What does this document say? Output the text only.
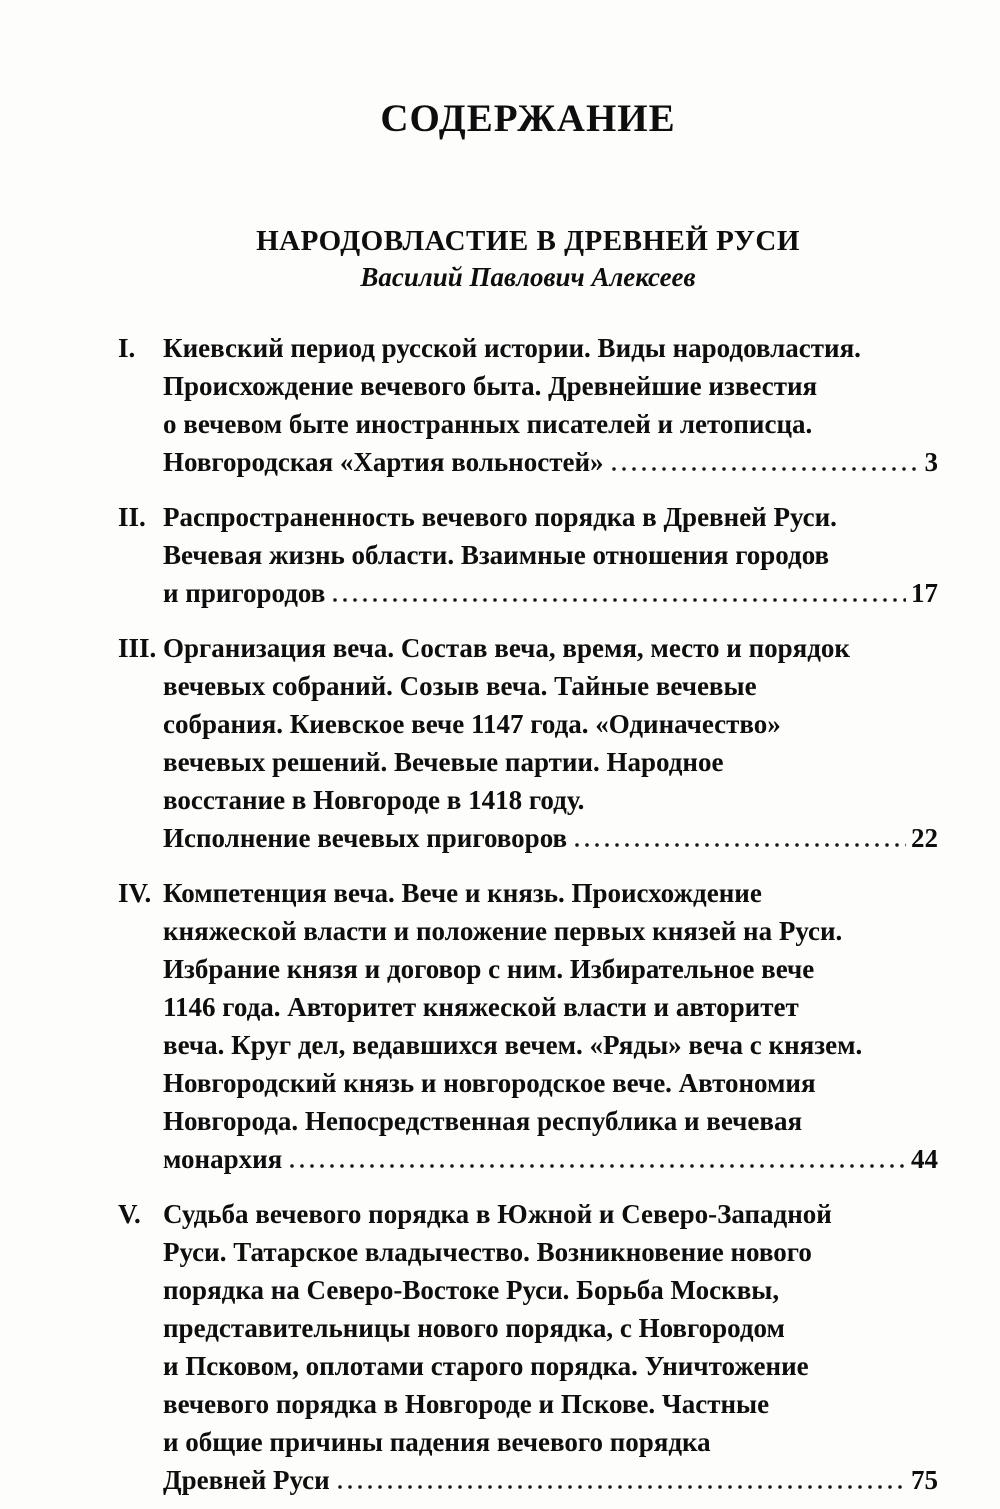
СОДЕРЖАНИЕ
НАРОДОВЛАСТИЕ В ДРЕВНЕЙ РУСИ
Василий Павлович Алексеев
I. Киевский период русской истории. Виды народовластия.
Происхождение вечевого быта. Древнейшие известия
о вечевом быте иностранных писателей и летописца.
Новгородская «Хартия вольностей»	3
II. Распространенность вечевого порядка в Древней Руси.
Вечевая жизнь области. Взаимные отношения городов
и пригородов	17
III. Организация веча. Состав веча, время, место и порядок
вечевых собраний. Созыв веча. Тайные вечевые
собрания. Киевское вече 1147 года. «Одиначество»
вечевых решений. Вечевые партии. Народное
восстание в Новгороде в 1418 году.
Исполнение вечевых приговоров	22
IV. Компетенция веча. Вече и князь. Происхождение
княжеской власти и положение первых князей на Руси.
Избрание князя и договор с ним. Избирательное вече
1146 года. Авторитет княжеской власти и авторитет
веча. Круг дел, ведавшихся вечем. «Ряды» веча с князем.
Новгородский князь и новгородское вече. Автономия
Новгорода. Непосредственная республика и вечевая
монархия	44
V. Судьба вечевого порядка в Южной и Северо-Западной
Руси. Татарское владычество. Возникновение нового
порядка на Северо-Востоке Руси. Борьба Москвы,
представительницы нового порядка, с Новгородом
и Псковом, оплотами старого порядка. Уничтожение
вечевого порядка в Новгороде и Пскове. Частные
и общие причины падения вечевого порядка
Древней Руси	75
